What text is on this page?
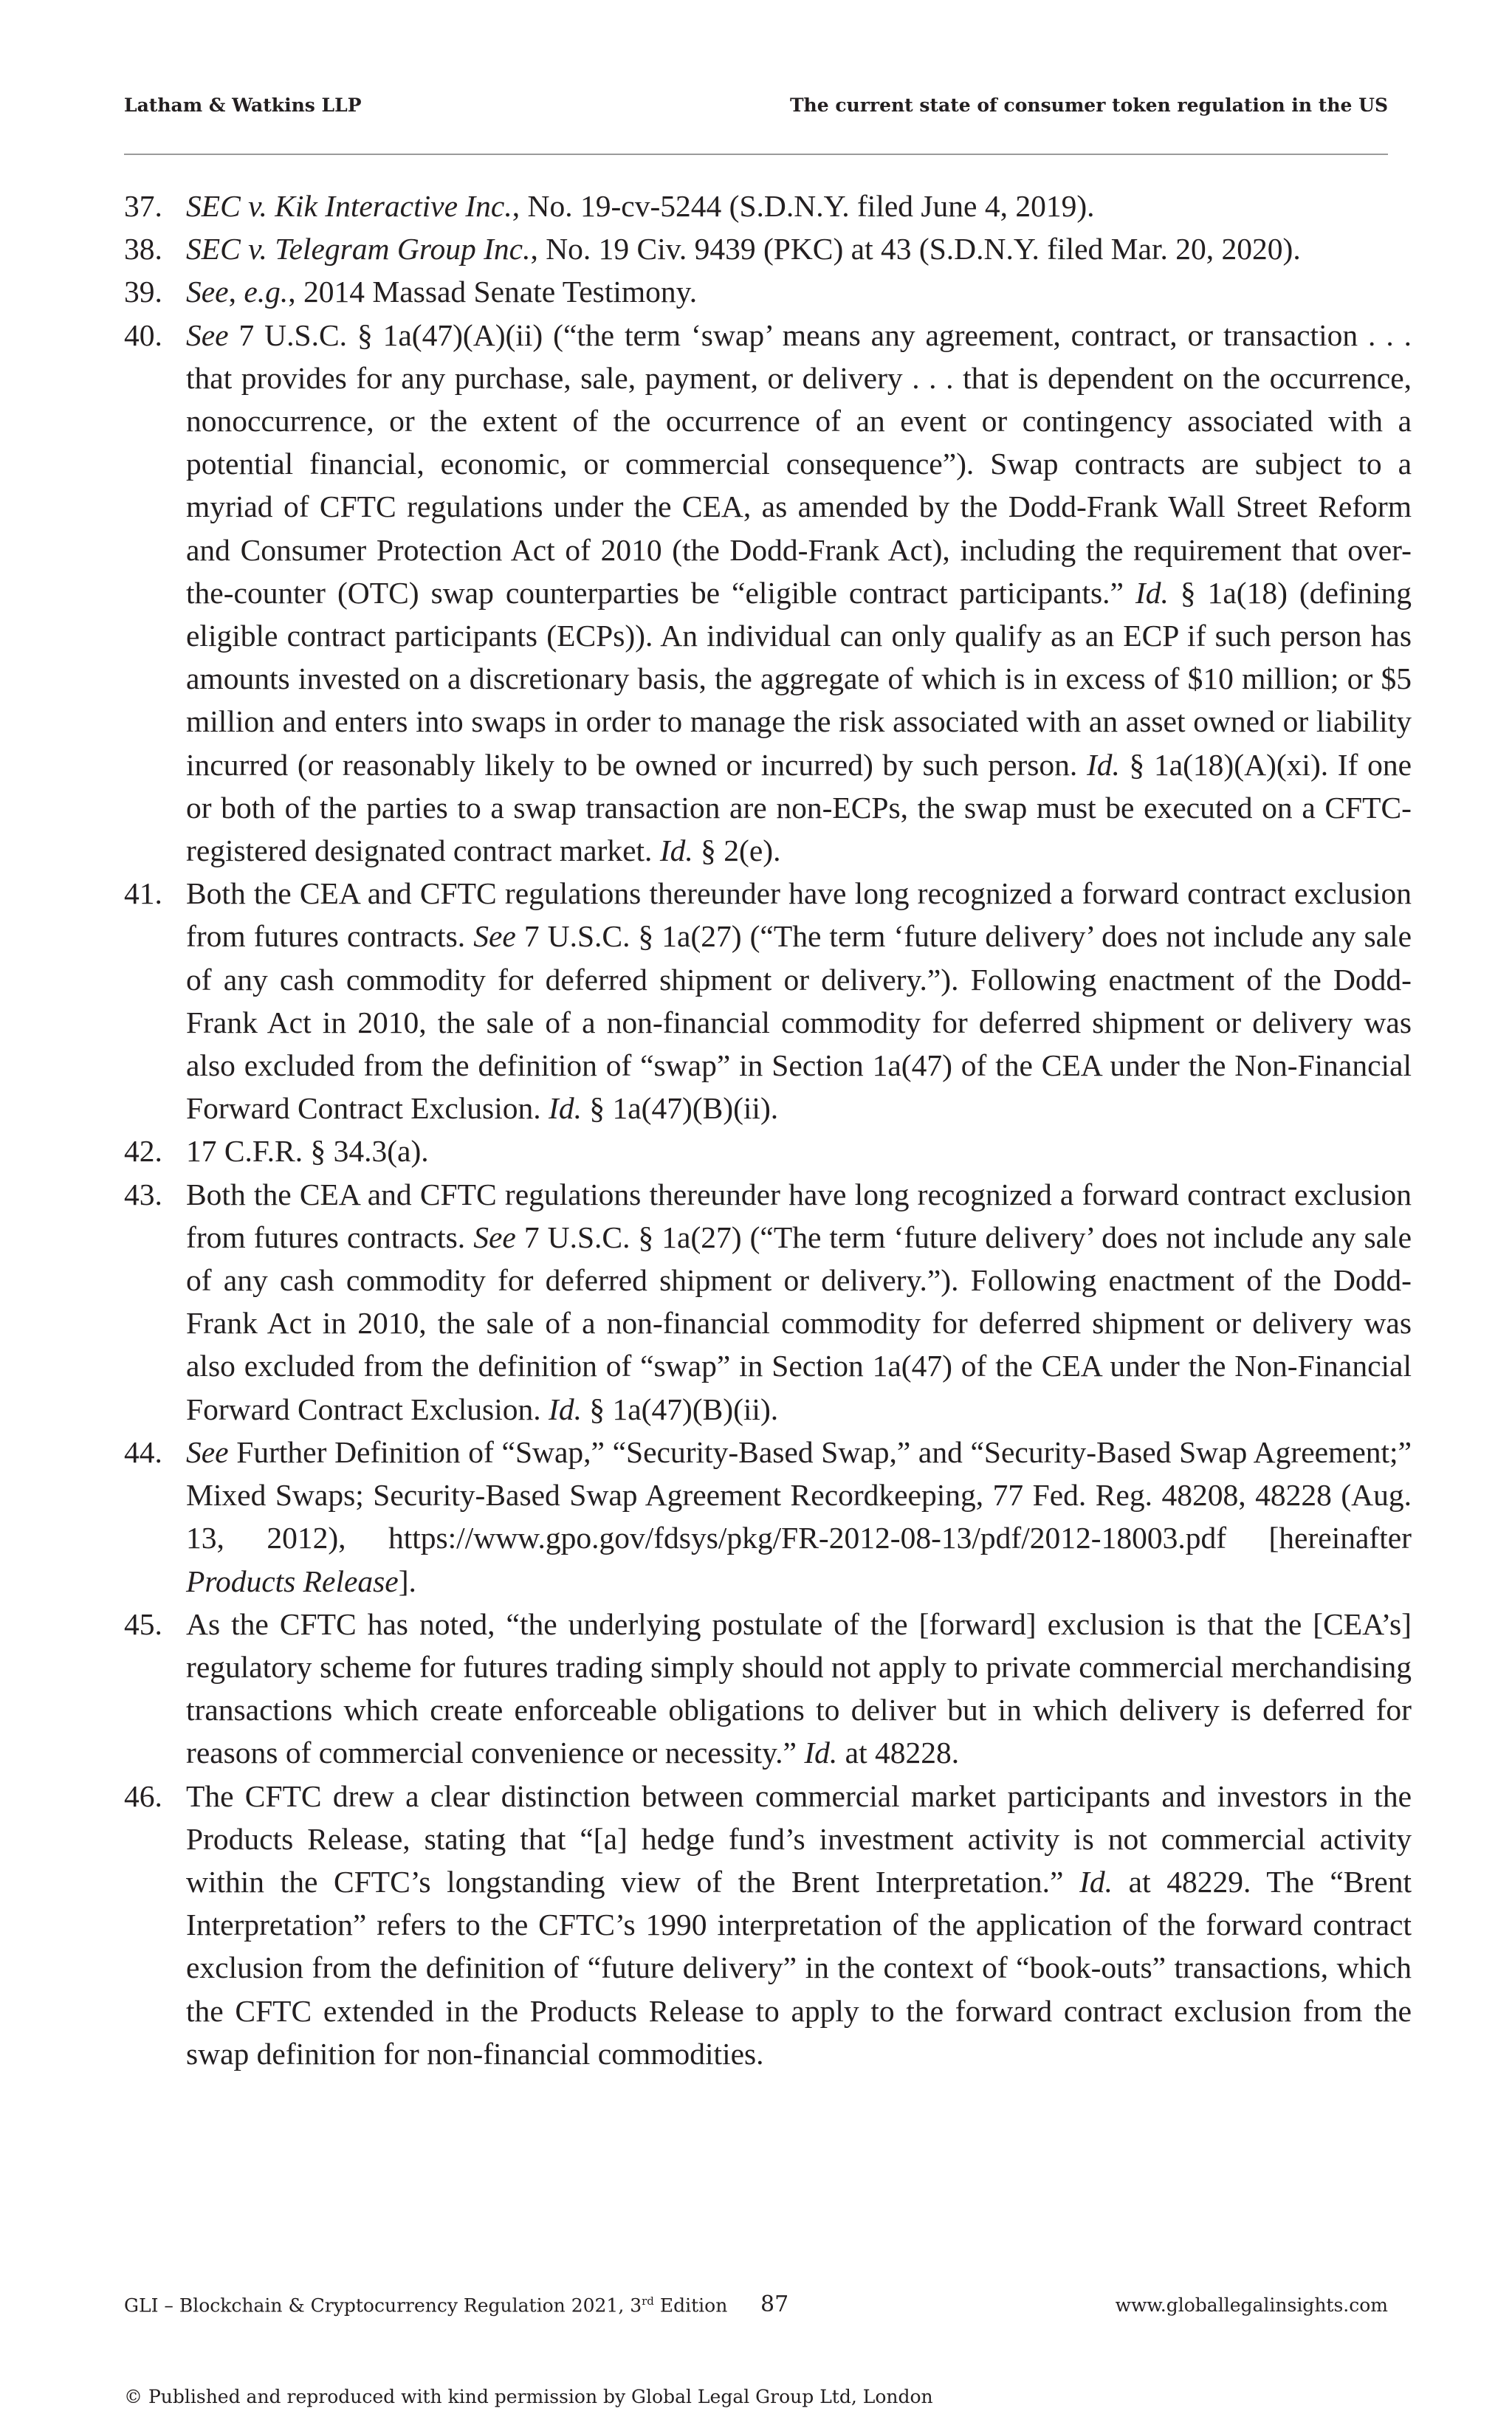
Latham & Watkins LLP	The current state of consumer token regulation in the US
37. SEC v. Kik Interactive Inc., No. 19-cv-5244 (S.D.N.Y. filed June 4, 2019).
38. SEC v. Telegram Group Inc., No. 19 Civ. 9439 (PKC) at 43 (S.D.N.Y. filed Mar. 20, 2020).
39. See, e.g., 2014 Massad Senate Testimony.
40. See 7 U.S.C. § 1a(47)(A)(ii) (“the term ‘swap’ means any agreement, contract, or transaction . . . that provides for any purchase, sale, payment, or delivery . . . that is dependent on the occurrence, nonoccurrence, or the extent of the occurrence of an event or contingency associated with a potential financial, economic, or commercial consequence”). Swap contracts are subject to a myriad of CFTC regulations under the CEA, as amended by the Dodd-Frank Wall Street Reform and Consumer Protection Act of 2010 (the Dodd-Frank Act), including the requirement that over-the-counter (OTC) swap counterparties be “eligible contract participants.” Id. § 1a(18) (defining eligible contract participants (ECPs)). An individual can only qualify as an ECP if such person has amounts invested on a discretionary basis, the aggregate of which is in excess of $10 million; or $5 million and enters into swaps in order to manage the risk associated with an asset owned or liability incurred (or reasonably likely to be owned or incurred) by such person. Id. § 1a(18)(A)(xi). If one or both of the parties to a swap transaction are non-ECPs, the swap must be executed on a CFTC-registered designated contract market. Id. § 2(e).
41. Both the CEA and CFTC regulations thereunder have long recognized a forward contract exclusion from futures contracts. See 7 U.S.C. § 1a(27) (“The term ‘future delivery’ does not include any sale of any cash commodity for deferred shipment or delivery.”). Following enactment of the Dodd-Frank Act in 2010, the sale of a non-financial commodity for deferred shipment or delivery was also excluded from the definition of “swap” in Section 1a(47) of the CEA under the Non-Financial Forward Contract Exclusion. Id. § 1a(47)(B)(ii).
42. 17 C.F.R. § 34.3(a).
43. Both the CEA and CFTC regulations thereunder have long recognized a forward contract exclusion from futures contracts. See 7 U.S.C. § 1a(27) (“The term ‘future delivery’ does not include any sale of any cash commodity for deferred shipment or delivery.”). Following enactment of the Dodd-Frank Act in 2010, the sale of a non-financial commodity for deferred shipment or delivery was also excluded from the definition of “swap” in Section 1a(47) of the CEA under the Non-Financial Forward Contract Exclusion. Id. § 1a(47)(B)(ii).
44. See Further Definition of “Swap,” “Security-Based Swap,” and “Security-Based Swap Agreement;” Mixed Swaps; Security-Based Swap Agreement Recordkeeping, 77 Fed. Reg. 48208, 48228 (Aug. 13, 2012), https://www.gpo.gov/fdsys/pkg/FR-2012-08-13/pdf/2012-18003.pdf [hereinafter Products Release].
45. As the CFTC has noted, “the underlying postulate of the [forward] exclusion is that the [CEA’s] regulatory scheme for futures trading simply should not apply to private commercial merchandising transactions which create enforceable obligations to deliver but in which delivery is deferred for reasons of commercial convenience or necessity.” Id. at 48228.
46. The CFTC drew a clear distinction between commercial market participants and investors in the Products Release, stating that “[a] hedge fund’s investment activity is not commercial activity within the CFTC’s longstanding view of the Brent Interpretation.” Id. at 48229. The “Brent Interpretation” refers to the CFTC’s 1990 interpretation of the application of the forward contract exclusion from the definition of “future delivery” in the context of “book-outs” transactions, which the CFTC extended in the Products Release to apply to the forward contract exclusion from the swap definition for non-financial commodities.
GLI – Blockchain & Cryptocurrency Regulation 2021, 3rd Edition 87	www.globallegalinsights.com
© Published and reproduced with kind permission by Global Legal Group Ltd, London
